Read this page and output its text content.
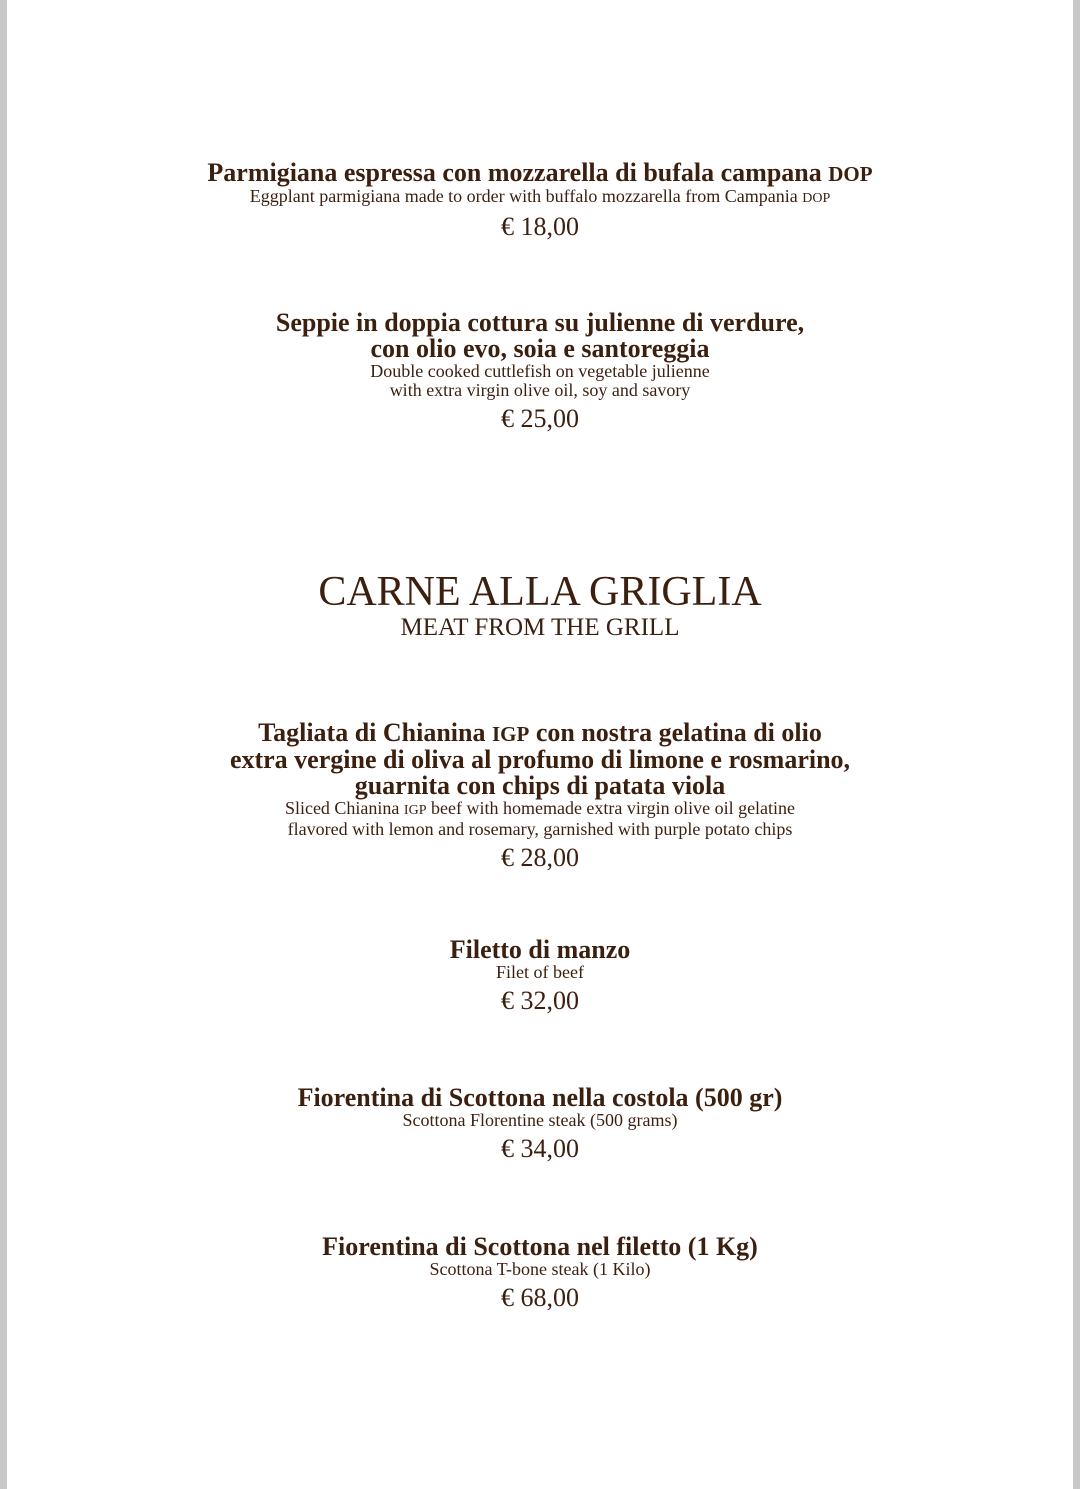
Parmigiana espressa con mozzarella di bufala campana DOP

Eggplant parmigiana made to order with buffalo mozzarella from Campania DOP

€ 18,00

Seppie in doppia cottura su julienne di verdure,
con olio evo, soia e santoreggia

Double cooked cuttlefish on vegetable julienne
with extra virgin olive oil, soy and savory

€ 25,00

CARNE ALLA GRIGLIA

MEAT FROM THE GRILL

Tagliata di Chianina IGP con nostra gelatina di olio
extra vergine di oliva al profumo di limone e rosmarino,
guarnita con chips di patata viola

Sliced Chianina IGP beef with homemade extra virgin olive oil gelatine
flavored with lemon and rosemary, garnished with purple potato chips

€ 28,00

Filetto di manzo

Filet of beef

€ 32,00

Fiorentina di Scottona nella costola (500 gr)

Scottona Florentine steak (500 grams)

€ 34,00

Fiorentina di Scottona nel filetto (1 Kg)

Scottona T-bone steak (1 Kilo)

€ 68,00
